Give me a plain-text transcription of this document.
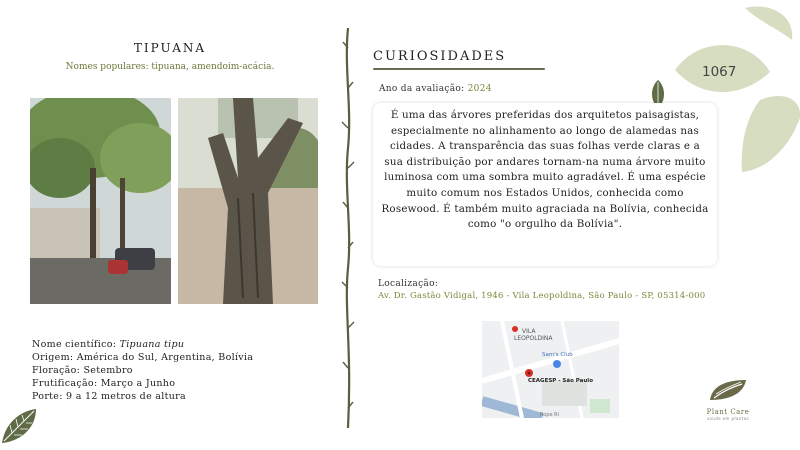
1067
TIPUANA
Nomes populares: tipuana, amendoim-acácia.
Nome científico: Tipuana tipu
Origem: América do Sul, Argentina, Bolívia
Floração: Setembro
Frutificação: Março a Junho
Porte: 9 a 12 metros de altura
CURIOSIDADES
Ano da avaliação: 2024

É uma das árvores preferidas dos arquitetos paisagistas, especialmente no alinhamento ao longo de alamedas nas cidades. A transparência das suas folhas verde claras e a sua distribuição por andares tornam-na numa árvore muito luminosa com uma sombra muito agradável. É uma espécie muito comum nos Estados Unidos, conhecida como Rosewood. É também muito agraciada na Bolívia, conhecida como "o orgulho da Bolívia".

Localização:
Av. Dr. Gastão Vidigal, 1946 - Vila Leopoldina, São Paulo - SP, 05314-000
VILA
LEOPOLDINA
Sam's Club
CEAGESP - São Paulo
Rope Ri	Plant Care
saúde em plantas
